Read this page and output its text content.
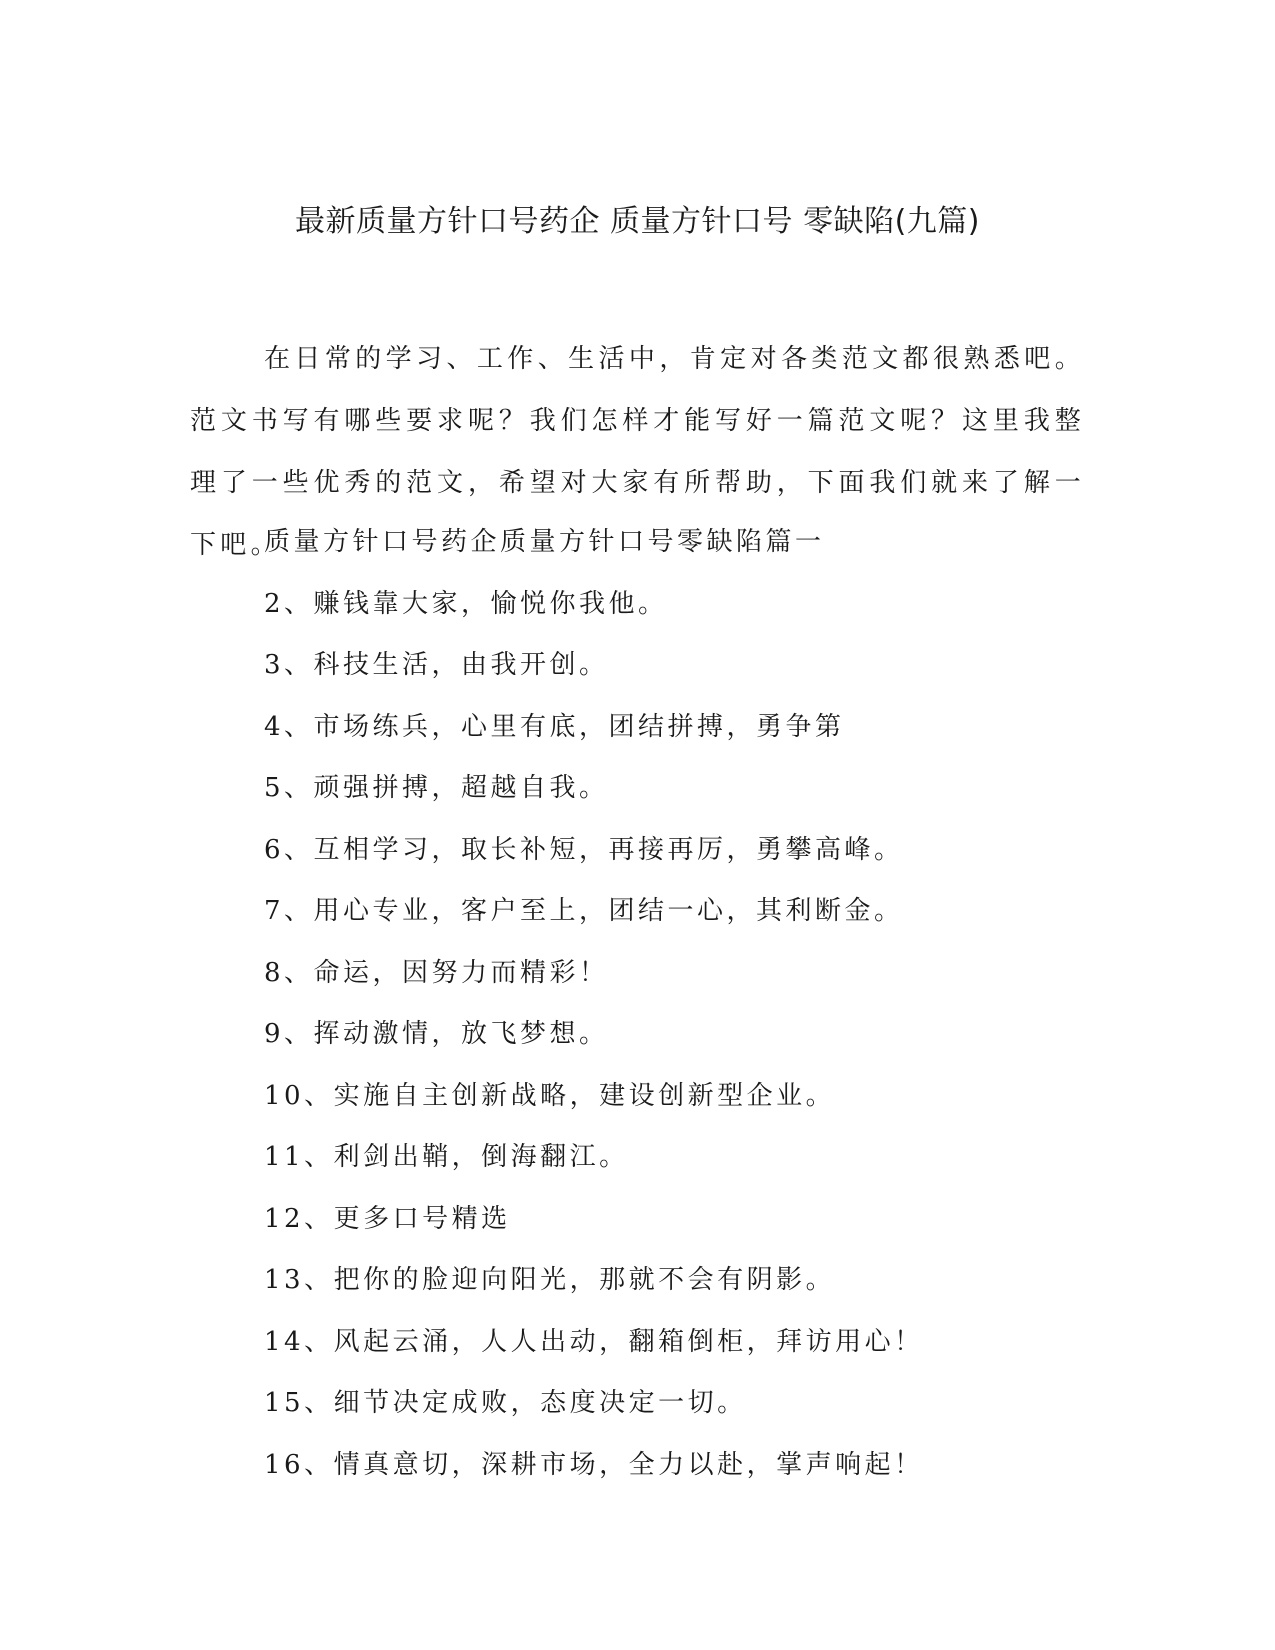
最新质量方针口号药企 质量方针口号 零缺陷(九篇)
在日常的学习、工作、生活中，肯定对各类范文都很熟悉吧。范文书写有哪些要求呢？我们怎样才能写好一篇范文呢？这里我整理了一些优秀的范文，希望对大家有所帮助，下面我们就来了解一下吧。
质量方针口号药企质量方针口号零缺陷篇一
2、赚钱靠大家，愉悦你我他。
3、科技生活，由我开创。
4、市场练兵，心里有底，团结拼搏，勇争第
5、顽强拼搏，超越自我。
6、互相学习，取长补短，再接再厉，勇攀高峰。
7、用心专业，客户至上，团结一心，其利断金。
8、命运，因努力而精彩！
9、挥动激情，放飞梦想。
10、实施自主创新战略，建设创新型企业。
11、利剑出鞘，倒海翻江。
12、更多口号精选
13、把你的脸迎向阳光，那就不会有阴影。
14、风起云涌，人人出动，翻箱倒柜，拜访用心！
15、细节决定成败，态度决定一切。
16、情真意切，深耕市场，全力以赴，掌声响起！
